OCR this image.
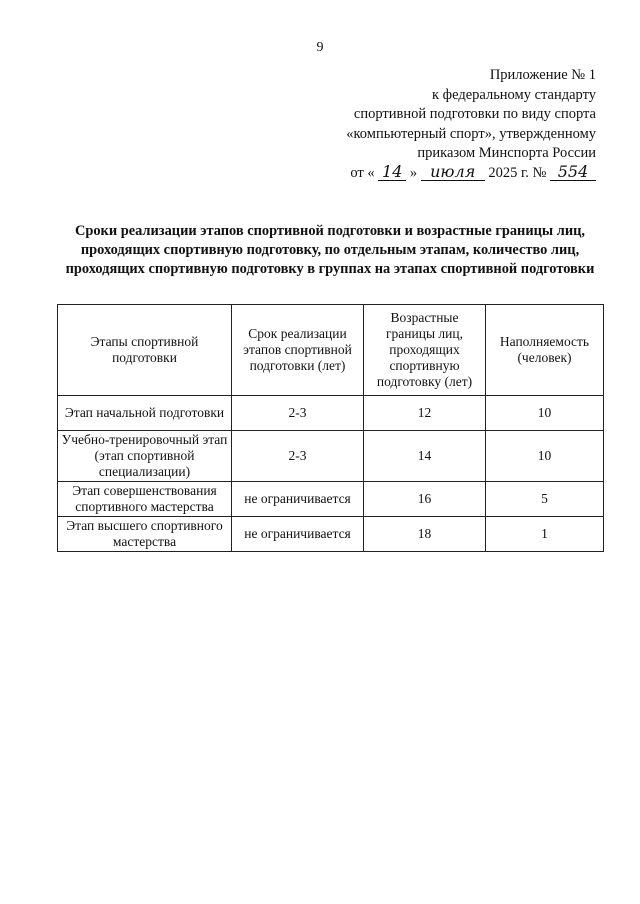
9
Приложение № 1
к федеральному стандарту
спортивной подготовки по виду спорта
«компьютерный спорт», утвержденному
приказом Минспорта России
от « 14 » июля 2025 г. № 554
Сроки реализации этапов спортивной подготовки и возрастные границы лиц, проходящих спортивную подготовку, по отдельным этапам, количество лиц, проходящих спортивную подготовку в группах на этапах спортивной подготовки
Этапы спортивной подготовки	Срок реализации этапов спортивной подготовки (лет)	Возрастные границы лиц, проходящих спортивную подготовку (лет)	Наполняемость (человек)
Этап начальной подготовки	2-3	12	10
Учебно-тренировочный этап (этап спортивной специализации)	2-3	14	10
Этап совершенствования спортивного мастерства	не ограничивается	16	5
Этап высшего спортивного мастерства	не ограничивается	18	1
